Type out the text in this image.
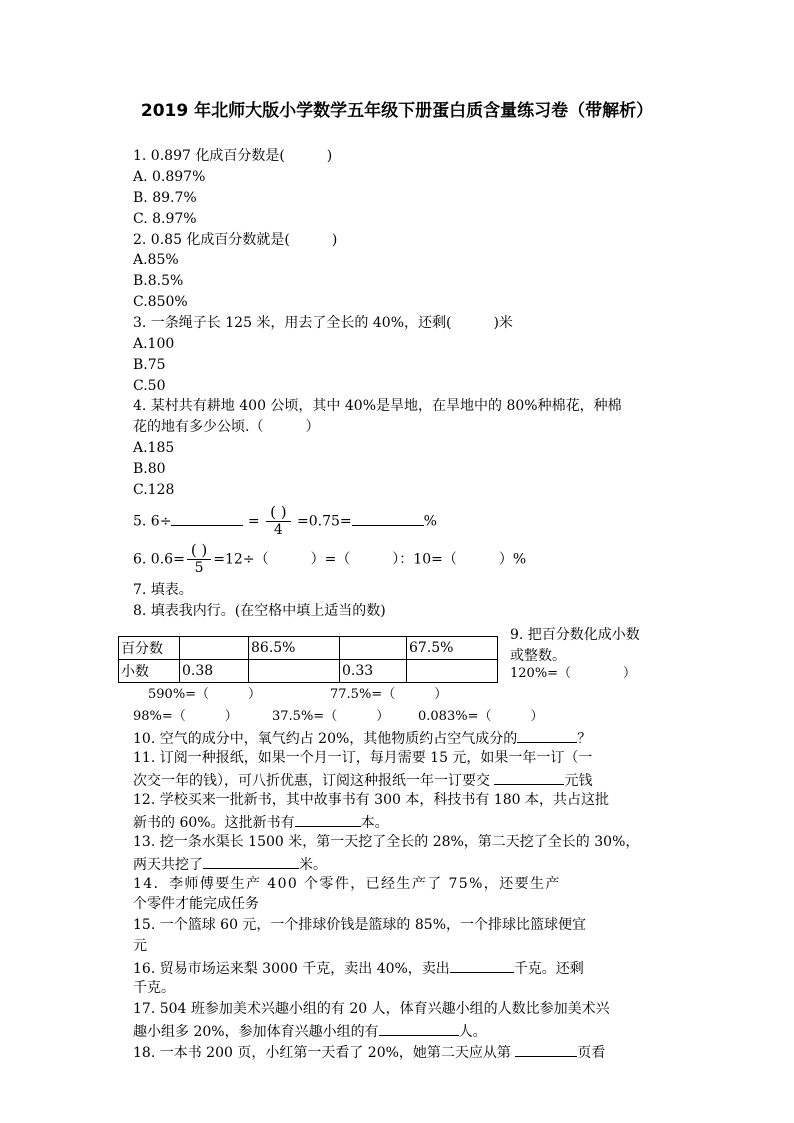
2019 年北师大版小学数学五年级下册蛋白质含量练习卷（带解析）
1. 0.897 化成百分数是(　　　)
A. 0.897%
B. 89.7%
C. 8.97%
2. 0.85 化成百分数就是(　　　)
A.85%
B.8.5%
C.850%
3. 一条绳子长 125 米，用去了全长的 40%，还剩(　　　)米
A.100
B.75
C.50
4. 某村共有耕地 400 公顷，其中 40%是旱地，在旱地中的 80%种棉花，种棉
花的地有多少公顷.（　　　）
A.185
B.80
C.128
5. 6÷	= $\frac{( )}{4} =0.75=$	%
6. $0.6= \frac{( )}{5} =12\div$（　　　）=（　　　）：10=（　　　）%
7. 填表。
8. 填表我内行。(在空格中填上适当的数)
百分数		86.5%		67.5%
小数	0.38		0.33	
9. 把百分数化成小数
或整数。
120%=（　　　　）
590%=（　　　）	77.5%=（　　　）
98%=（　　　）	37.5%=（　　　） 0.083%=（　　　）
10. 空气的成分中，氧气约占 20%，其他物质约占空气成分的	？
11. 订阅一种报纸，如果一个月一订，每月需要 15 元，如果一年一订（一
次交一年的钱），可八折优惠，订阅这种报纸一年一订要交	元钱
12. 学校买来一批新书，其中故事书有 300 本，科技书有 180 本，共占这批
新书的 60%。这批新书有	本。
13. 挖一条水渠长 1500 米，第一天挖了全长的 28%，第二天挖了全长的 30%，
两天共挖了	米。
14．李师傅要生产 400 个零件，已经生产了 75%，还要生产
个零件才能完成任务
15. 一个篮球 60 元，一个排球价钱是篮球的 85%，一个排球比篮球便宜
元
16. 贸易市场运来梨 3000 千克，卖出 40%，卖出	千克。还剩
千克。
17. 504 班参加美术兴趣小组的有 20 人，体育兴趣小组的人数比参加美术兴
趣小组多 20%，参加体育兴趣小组的有	人。
18. 一本书 200 页，小红第一天看了 20%，她第二天应从第	页看
